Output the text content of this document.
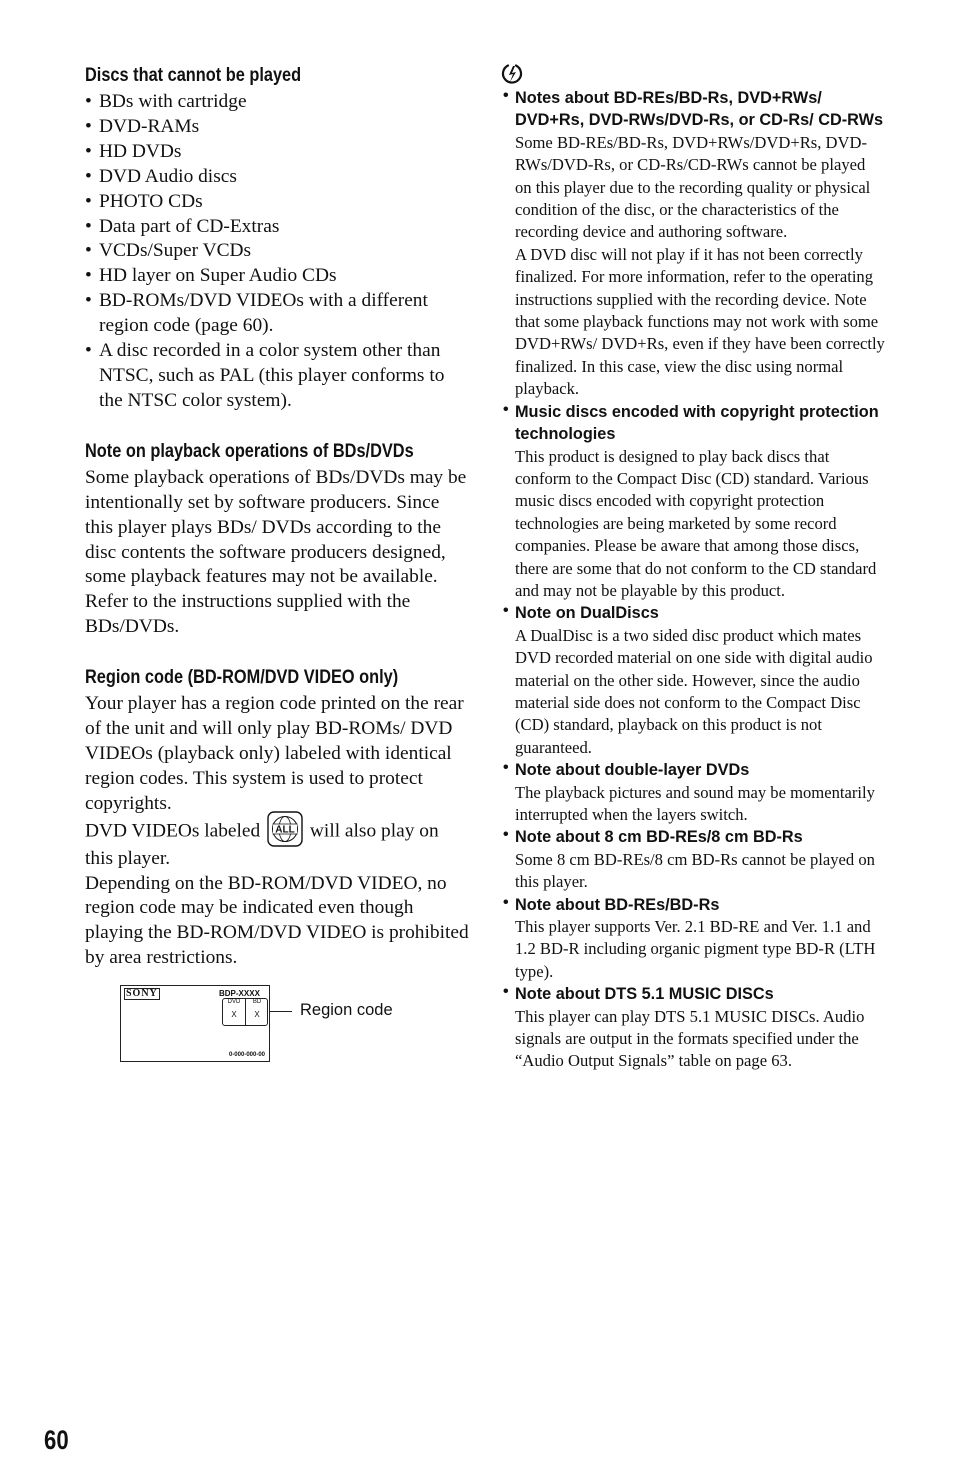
Discs that cannot be played
• BDs with cartridge
• DVD-RAMs
• HD DVDs
• DVD Audio discs
• PHOTO CDs
• Data part of CD-Extras
• VCDs/Super VCDs
• HD layer on Super Audio CDs
• BD-ROMs/DVD VIDEOs with a different region code (page 60).
• A disc recorded in a color system other than NTSC, such as PAL (this player conforms to the NTSC color system).
Note on playback operations of BDs/DVDs

Some playback operations of BDs/DVDs may be intentionally set by software producers. Since this player plays BDs/ DVDs according to the disc contents the software producers designed, some playback features may not be available. Refer to the instructions supplied with the BDs/DVDs.

Region code (BD-ROM/DVD VIDEO only)

Your player has a region code printed on the rear of the unit and will only play BD-ROMs/ DVD VIDEOs (playback only) labeled with identical region codes. This system is used to protect copyrights.

DVD VIDEOs labeled ALL will also play on this player.

Depending on the BD-ROM/DVD VIDEO, no region code may be indicated even though playing the BD-ROM/DVD VIDEO is prohibited by area restrictions.

SONY	BDP-XXXX
DVD
X
BD
X
0-000-000-00
Region code

• Notes about BD-REs/BD-Rs, DVD+RWs/ DVD+Rs, DVD-RWs/DVD-Rs, or CD-Rs/ CD-RWs

Some BD-REs/BD-Rs, DVD+RWs/DVD+Rs, DVD-RWs/DVD-Rs, or CD-Rs/CD-RWs cannot be played on this player due to the recording quality or physical condition of the disc, or the characteristics of the recording device and authoring software.

A DVD disc will not play if it has not been correctly finalized. For more information, refer to the operating instructions supplied with the recording device. Note that some playback functions may not work with some DVD+RWs/ DVD+Rs, even if they have been correctly finalized. In this case, view the disc using normal playback.

• Music discs encoded with copyright protection technologies

This product is designed to play back discs that conform to the Compact Disc (CD) standard. Various music discs encoded with copyright protection technologies are being marketed by some record companies. Please be aware that among those discs, there are some that do not conform to the CD standard and may not be playable by this product.

• Note on DualDiscs

A DualDisc is a two sided disc product which mates DVD recorded material on one side with digital audio material on the other side. However, since the audio material side does not conform to the Compact Disc (CD) standard, playback on this product is not guaranteed.

• Note about double-layer DVDs

The playback pictures and sound may be momentarily interrupted when the layers switch.

• Note about 8 cm BD-REs/8 cm BD-Rs

Some 8 cm BD-REs/8 cm BD-Rs cannot be played on this player.

• Note about BD-REs/BD-Rs

This player supports Ver. 2.1 BD-RE and Ver. 1.1 and 1.2 BD-R including organic pigment type BD-R (LTH type).

• Note about DTS 5.1 MUSIC DISCs

This player can play DTS 5.1 MUSIC DISCs. Audio signals are output in the formats specified under the “Audio Output Signals” table on page 63.

60
